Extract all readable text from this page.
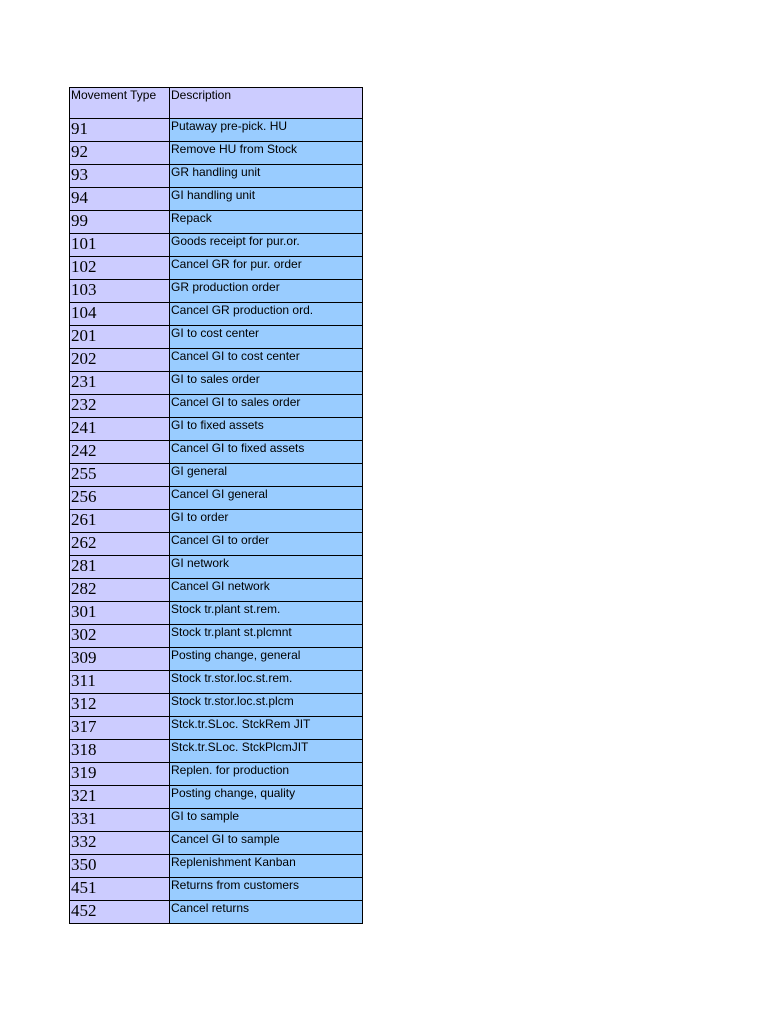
Movement Type	Description
91	Putaway pre-pick. HU
92	Remove HU from Stock
93	GR handling unit
94	GI handling unit
99	Repack
101	Goods receipt for pur.or.
102	Cancel GR for pur. order
103	GR production order
104	Cancel GR production ord.
201	GI to cost center
202	Cancel GI to cost center
231	GI to sales order
232	Cancel GI to sales order
241	GI to fixed assets
242	Cancel GI to fixed assets
255	GI general
256	Cancel GI general
261	GI to order
262	Cancel GI to order
281	GI network
282	Cancel GI network
301	Stock tr.plant st.rem.
302	Stock tr.plant st.plcmnt
309	Posting change, general
311	Stock tr.stor.loc.st.rem.
312	Stock tr.stor.loc.st.plcm
317	Stck.tr.SLoc. StckRem JIT
318	Stck.tr.SLoc. StckPlcmJIT
319	Replen. for production
321	Posting change, quality
331	GI to sample
332	Cancel GI to sample
350	Replenishment Kanban
451	Returns from customers
452	Cancel returns
